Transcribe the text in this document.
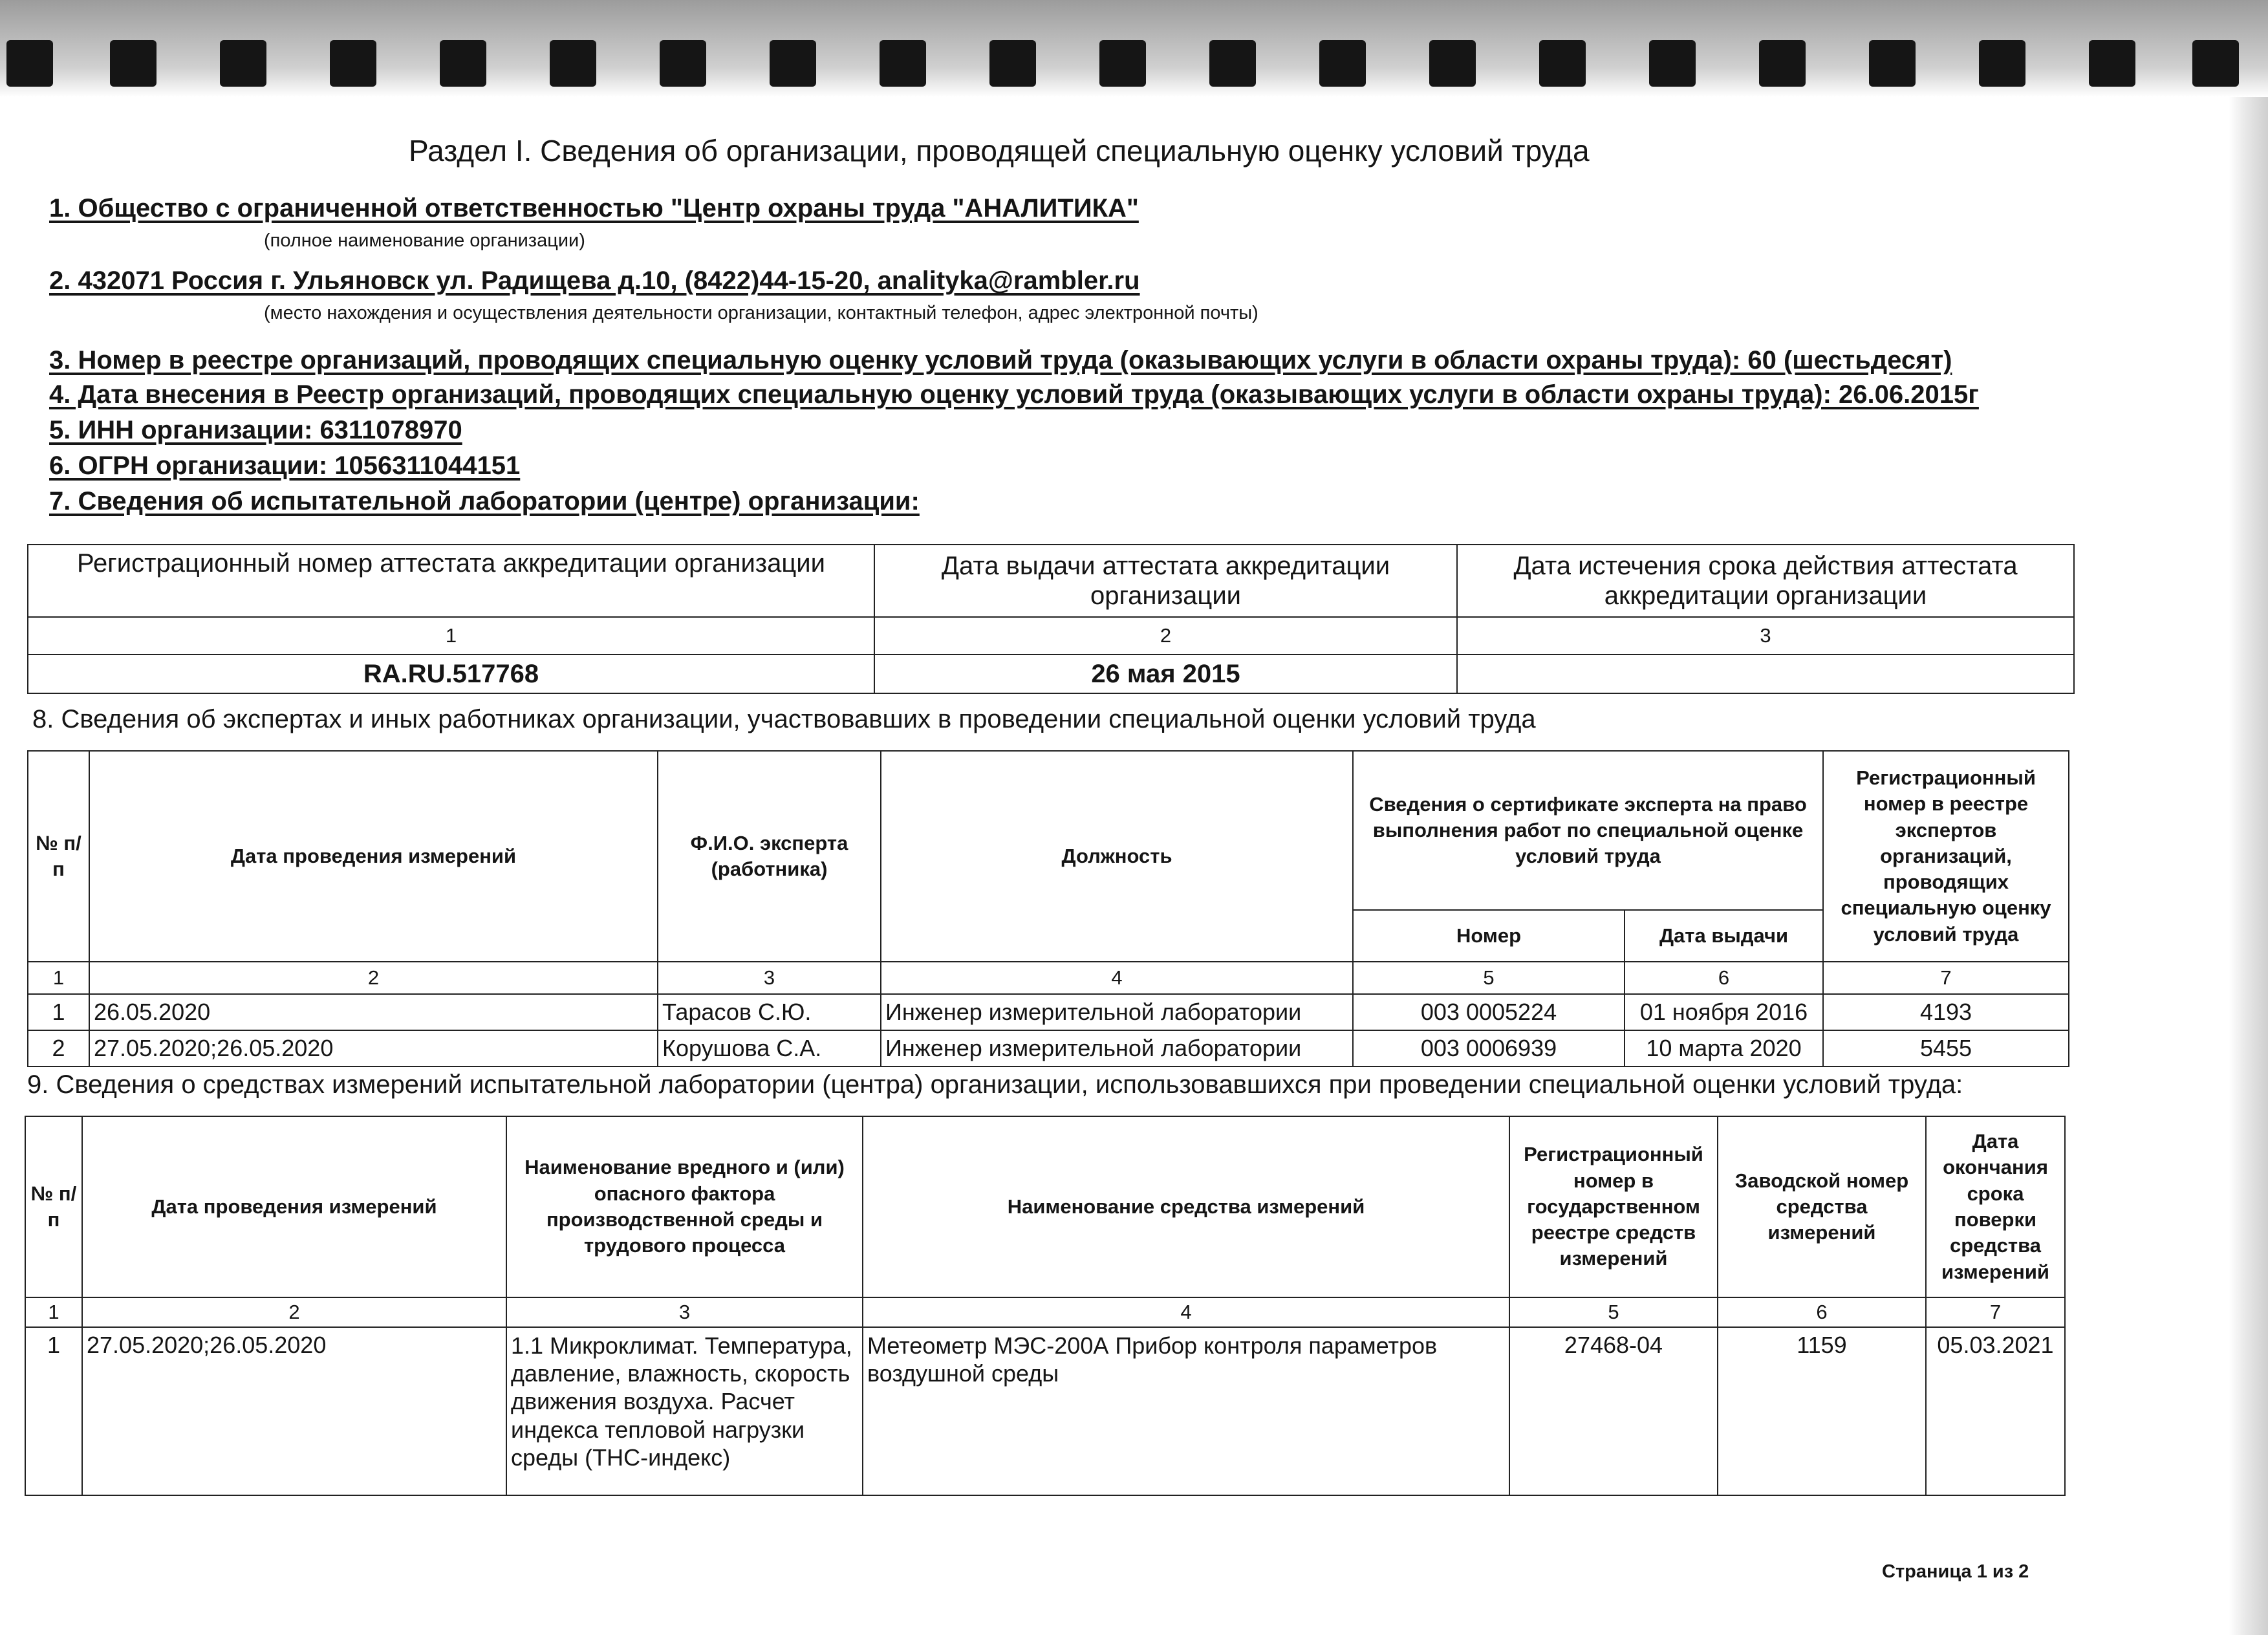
Раздел I. Сведения об организации, проводящей специальную оценку условий труда
1. Общество с ограниченной ответственностью "Центр охраны труда "АНАЛИТИКА"
(полное наименование организации)
2. 432071 Россия г. Ульяновск ул. Радищева д.10, (8422)44-15-20, analityka@rambler.ru
(место нахождения и осуществления деятельности организации, контактный телефон, адрес электронной почты)
3. Номер в реестре организаций, проводящих специальную оценку условий труда (оказывающих услуги в области охраны труда): 60 (шестьдесят)
4. Дата внесения в Реестр организаций, проводящих специальную оценку условий труда (оказывающих услуги в области охраны труда): 26.06.2015г
5. ИНН организации: 6311078970
6. ОГРН организации: 1056311044151
7. Сведения об испытательной лаборатории (центре) организации:
Регистрационный номер аттестата аккредитации организации	Дата выдачи аттестата аккредитации организации	Дата истечения срока действия аттестата аккредитации организации
1	2	3
RA.RU.517768	26 мая 2015	
8. Сведения об экспертах и иных работниках организации, участвовавших в проведении специальной оценки условий труда
№ п/п	Дата проведения измерений	Ф.И.О. эксперта (работника)	Должность	Сведения о сертификате эксперта на право выполнения работ по специальной оценке условий труда		Регистрационный номер в реестре экспертов организаций, проводящих специальную оценку условий труда
				Номер	Дата выдачи	
1	2	3	4	5	6	7
1	26.05.2020	Тарасов С.Ю.	Инженер измерительной лаборатории	003 0005224	01 ноября 2016	4193
2	27.05.2020;26.05.2020	Корушова С.А.	Инженер измерительной лаборатории	003 0006939	10 марта 2020	5455
9. Сведения о средствах измерений испытательной лаборатории (центра) организации, использовавшихся при проведении специальной оценки условий труда:
№ п/п	Дата проведения измерений	Наименование вредного и (или) опасного фактора производственной среды и трудового процесса	Наименование средства измерений	Регистрационный номер в государственном реестре средств измерений	Заводской номер средства измерений	Дата окончания срока поверки средства измерений
1	2	3	4	5	6	7
1	27.05.2020;26.05.2020	1.1 Микроклимат. Температура, давление, влажность, скорость движения воздуха. Расчет индекса тепловой нагрузки среды (ТНС-индекс)	Метеометр МЭС-200А Прибор контроля параметров воздушной среды	27468-04	1159	05.03.2021
Страница 1 из 2
